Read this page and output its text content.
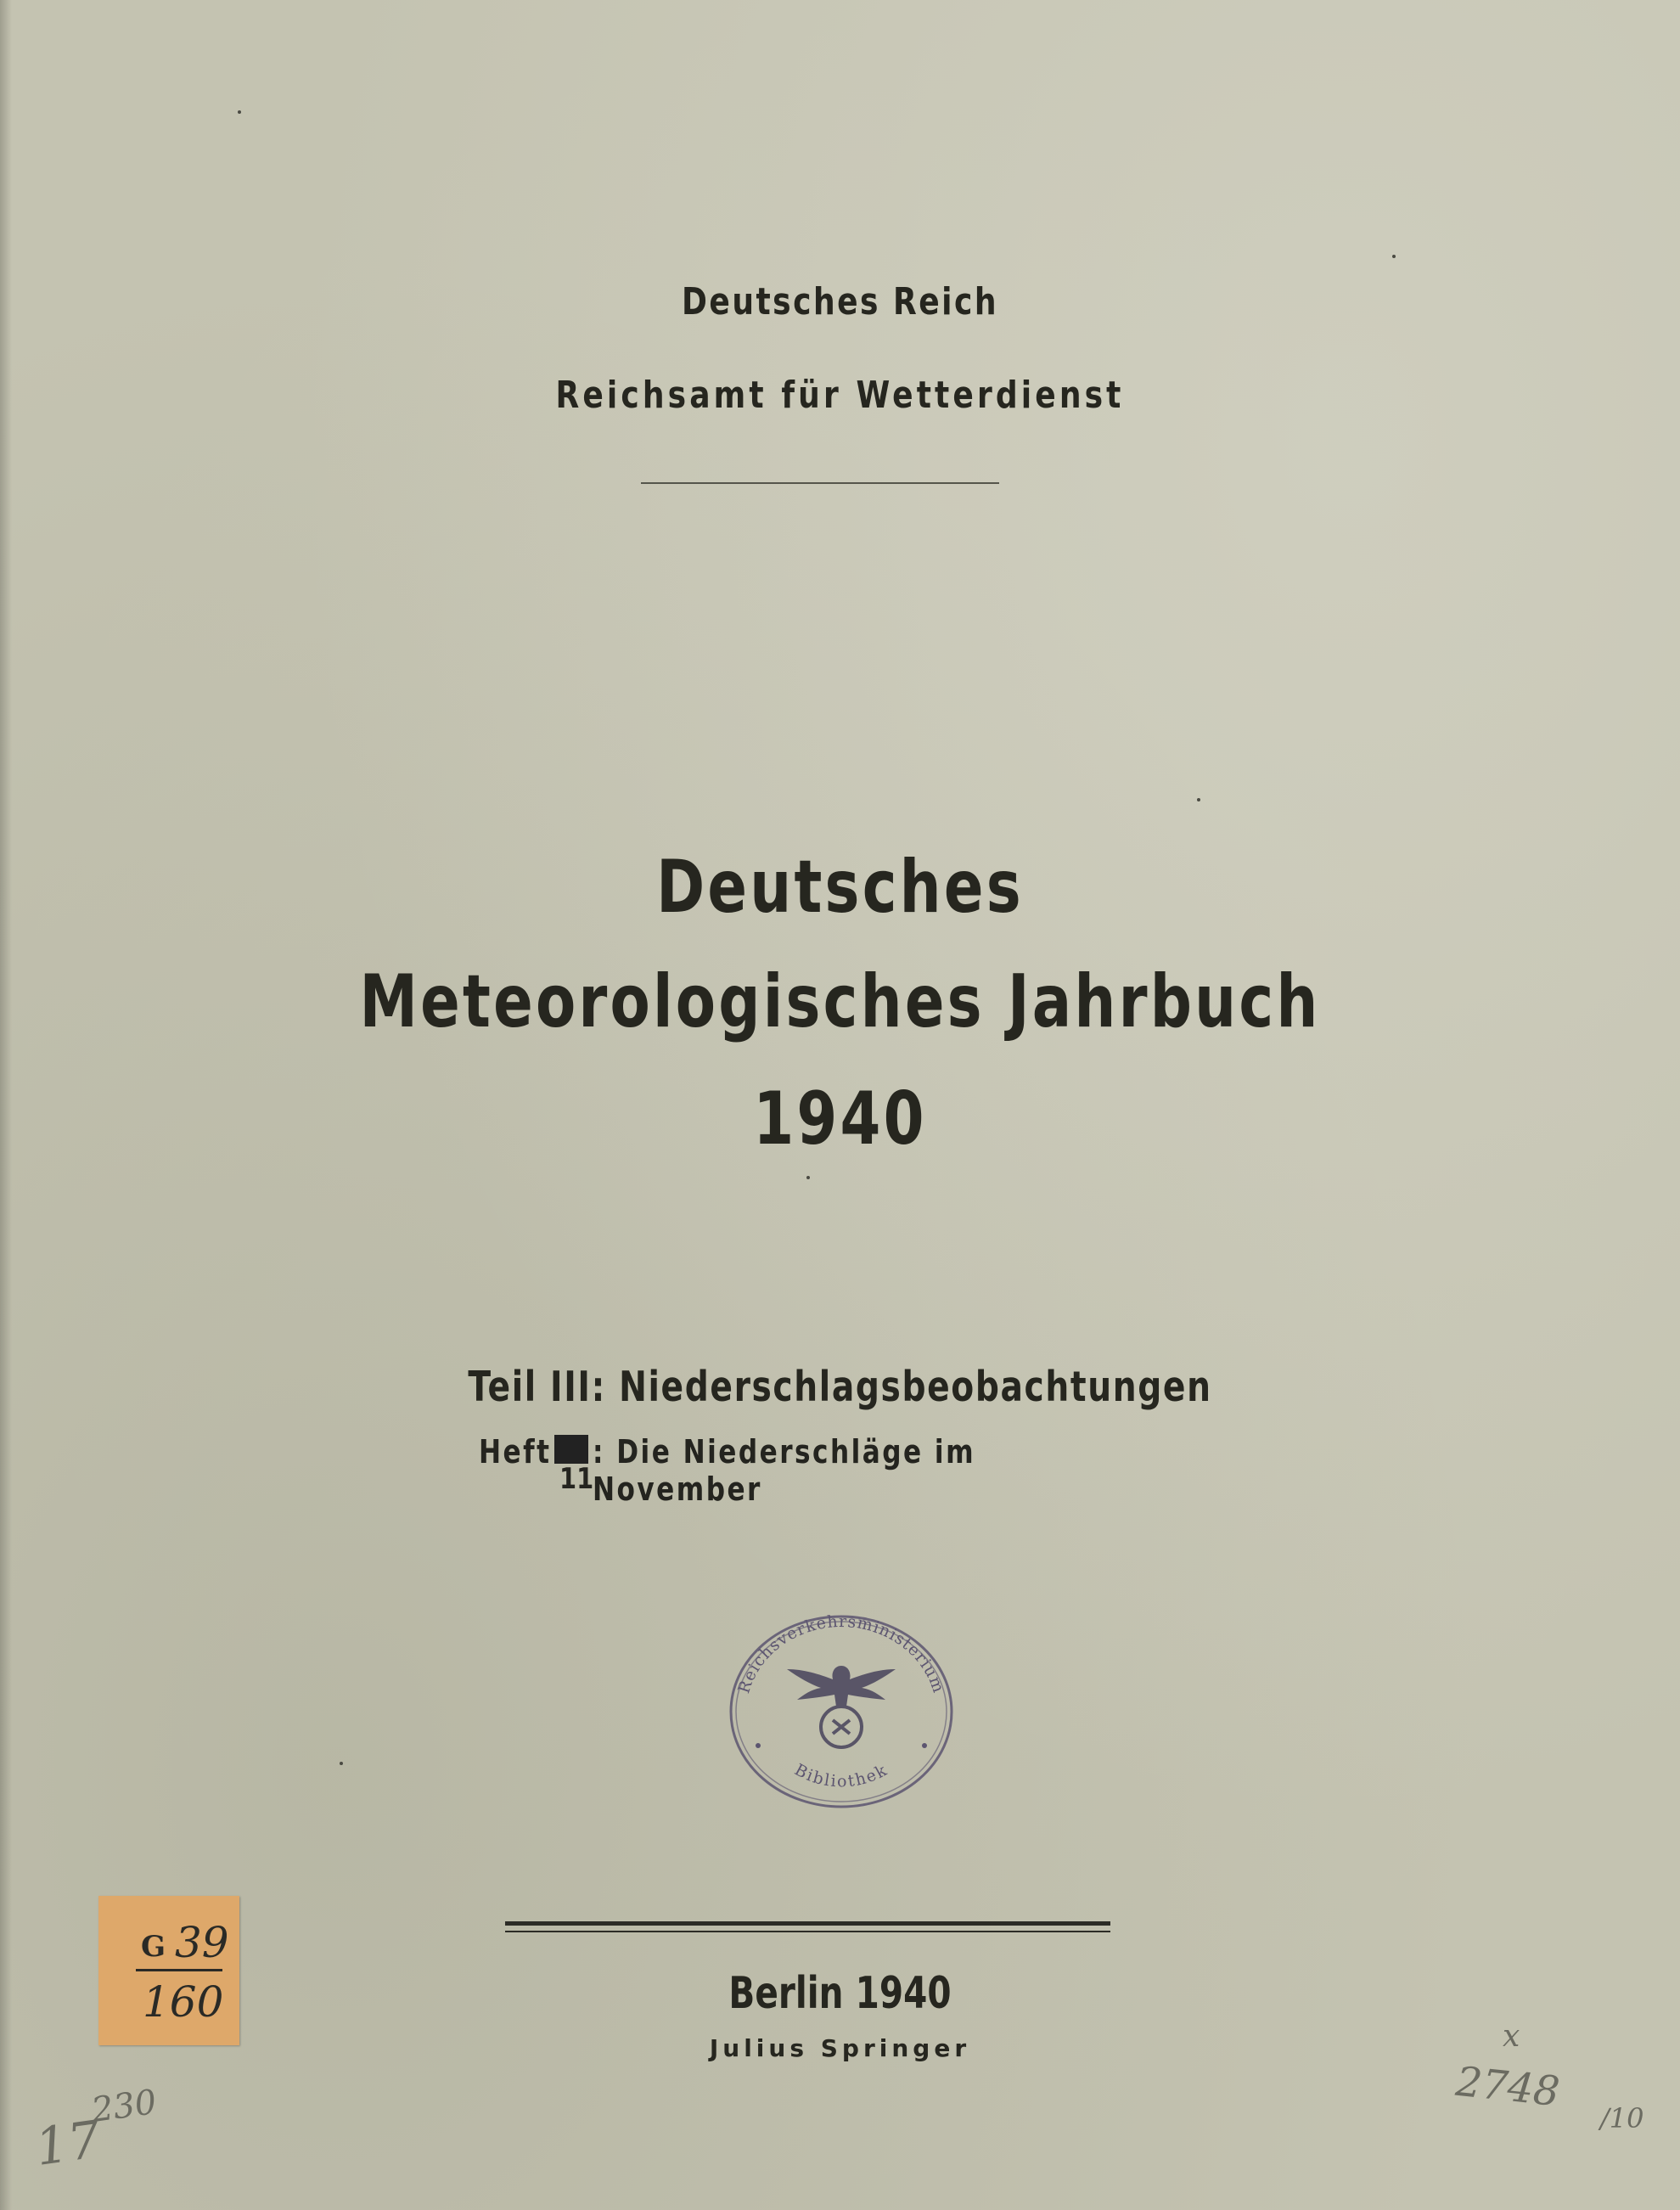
Deutsches Reich
Reichsamt für Wetterdienst
Deutsches
Meteorologisches Jahrbuch
1940
Teil III: Niederschlagsbeobachtungen
Heft
11
: Die Niederschläge im November
Reichsverkehrsministerium
Bibliothek
Berlin 1940
Julius Springer
G 39
160
17
230
x
2748
/10
